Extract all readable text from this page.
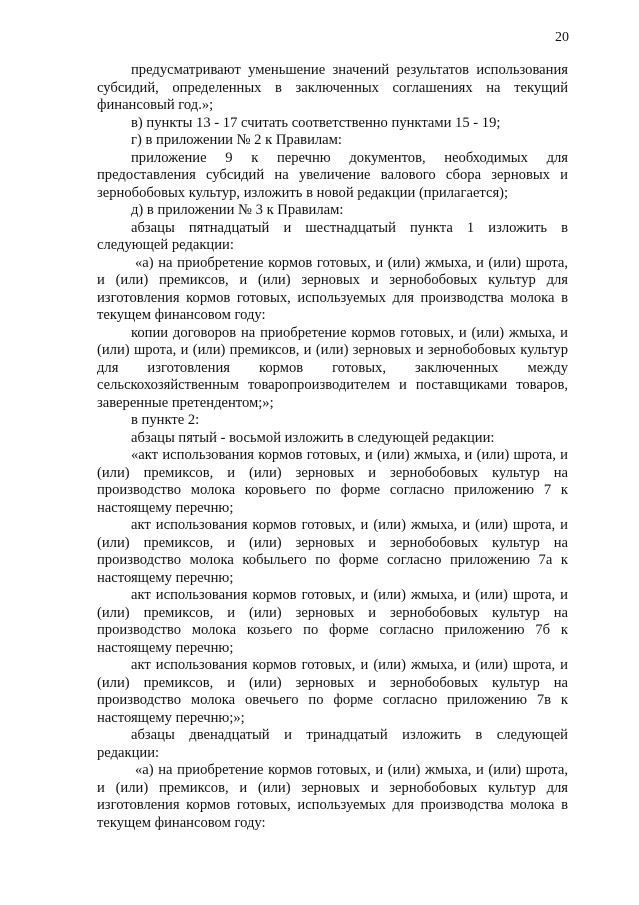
20

предусматривают уменьшение значений результатов использования субсидий, определенных в заключенных соглашениях на текущий финансовый год.»;

в) пункты 13 - 17 считать соответственно пунктами 15 - 19;

г) в приложении № 2 к Правилам:

приложение 9 к перечню документов, необходимых для предоставления субсидий на увеличение валового сбора зерновых и зернобобовых культур, изложить в новой редакции (прилагается);

д) в приложении № 3 к Правилам:

абзацы пятнадцатый и шестнадцатый пункта 1 изложить в следующей редакции:

«а) на приобретение кормов готовых, и (или) жмыха, и (или) шрота, и (или) премиксов, и (или) зерновых и зернобобовых культур для изготовления кормов готовых, используемых для производства молока в текущем финансовом году:

копии договоров на приобретение кормов готовых, и (или) жмыха, и (или) шрота, и (или) премиксов, и (или) зерновых и зернобобовых культур для изготовления кормов готовых, заключенных между сельскохозяйственным товаропроизводителем и поставщиками товаров, заверенные претендентом;»;

в пункте 2:

абзацы пятый - восьмой изложить в следующей редакции:

«акт использования кормов готовых, и (или) жмыха, и (или) шрота, и (или) премиксов, и (или) зерновых и зернобобовых культур на производство молока коровьего по форме согласно приложению 7 к настоящему перечню;

акт использования кормов готовых, и (или) жмыха, и (или) шрота, и (или) премиксов, и (или) зерновых и зернобобовых культур на производство молока кобыльего по форме согласно приложению 7а к настоящему перечню;

акт использования кормов готовых, и (или) жмыха, и (или) шрота, и (или) премиксов, и (или) зерновых и зернобобовых культур на производство молока козьего по форме согласно приложению 7б к настоящему перечню;

акт использования кормов готовых, и (или) жмыха, и (или) шрота, и (или) премиксов, и (или) зерновых и зернобобовых культур на производство молока овечьего по форме согласно приложению 7в к настоящему перечню;»;

абзацы двенадцатый и тринадцатый изложить в следующей редакции:

«а) на приобретение кормов готовых, и (или) жмыха, и (или) шрота, и (или) премиксов, и (или) зерновых и зернобобовых культур для изготовления кормов готовых, используемых для производства молока в текущем финансовом году:
